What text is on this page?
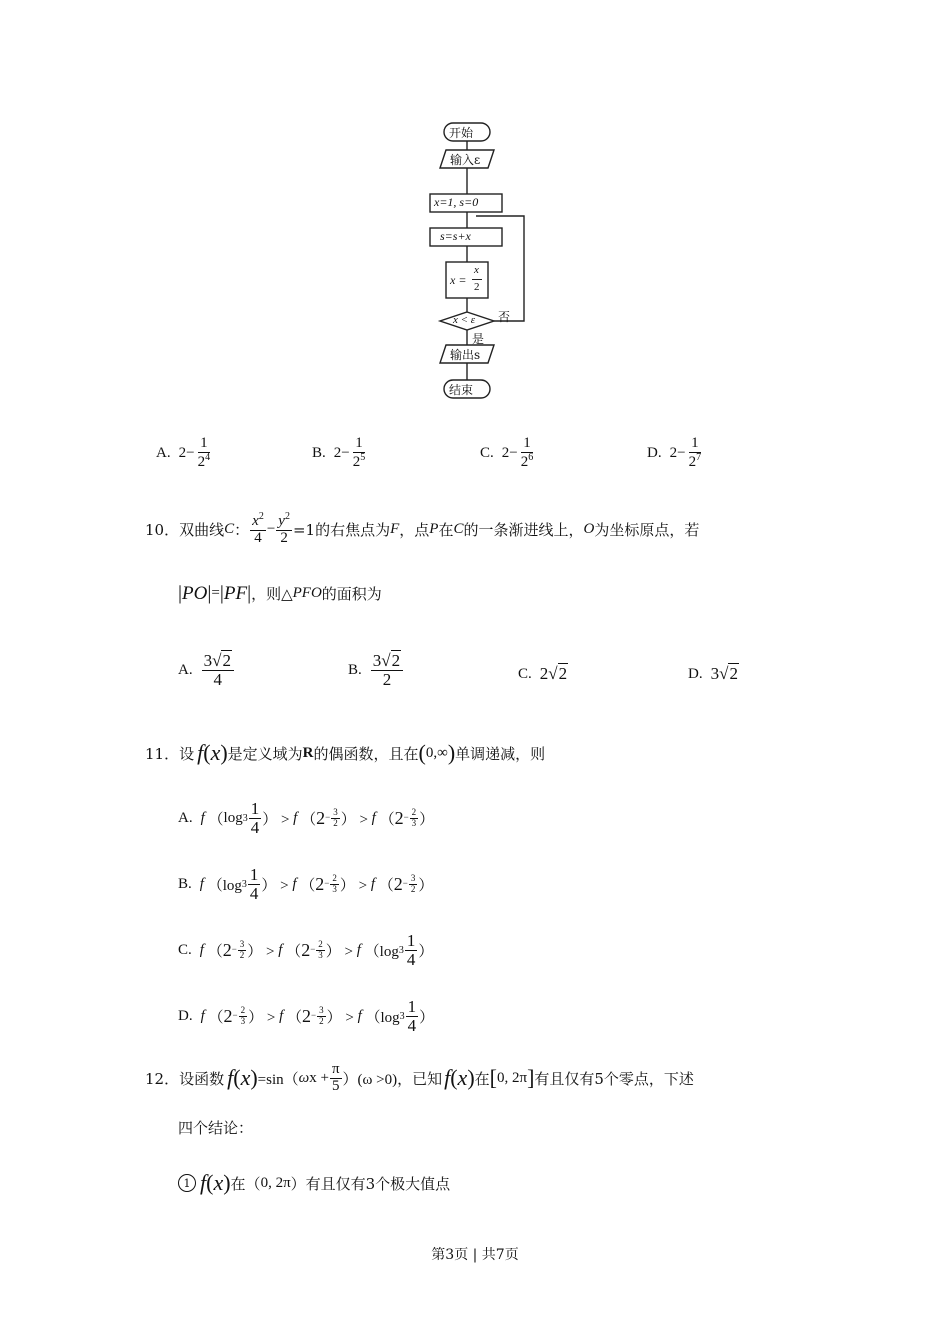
开始
输入ε
x=1, s=0
s=s+x
x =
x
2
x < ε 否
是
输出s
结束
A. $2 - \frac{1}{2^4}$	B. $2 - \frac{1}{2^5}$	C. $2 - \frac{1}{2^6}$	D. $2 - \frac{1}{2^7}$
10． 双曲线 C ： $\frac{x^2}{4} - \frac{y^2}{2} =1$的右焦点为 F ，点 P 在 C 的一条渐进线上， O 为坐标原点，若
| PO | = | PF | ，则△ PFO 的面积为
A. $\frac{3√2}{4}$	B. $\frac{3√2}{2}$	C. 2√2	D. 3√2
11． 设 f ( x ) 是定义域为 R 的偶函数，且在 ( 0,∞ ) 单调递减，则
A. f （ $\log 3 \frac{1}{4}$ ） > f （ $2 - \frac{3}{2}$ ） > f （ $2 - \frac{2}{3}$ ）
B. f （log $3 \frac{1}{4}$ ） > f （ $2 - \frac{2}{3}$ ） > f （ $2 - \frac{3}{2}$ ）
C. f （ $2 - \frac{3}{2}$ ） > f （ $2 - \frac{2}{3}$ ） > f （log $3 \frac{1}{4}$ ）
D. f （ $2 - \frac{2}{3}$ ） > f （ $2 - \frac{3}{2}$ ） > f （log $3 \frac{1}{4}$ ）
12． 设函数 f ( x ) =sin（ ω $x + \frac{\pi}{5} )(\omega >0)$，已知 f ( x ) 在 [ 0, 2π ] 有且仅有5个零点，下述
四个结论：
1 f ( x ) 在（ 0, 2π ）有且仅有3个极大值点
第3页 | 共7页
